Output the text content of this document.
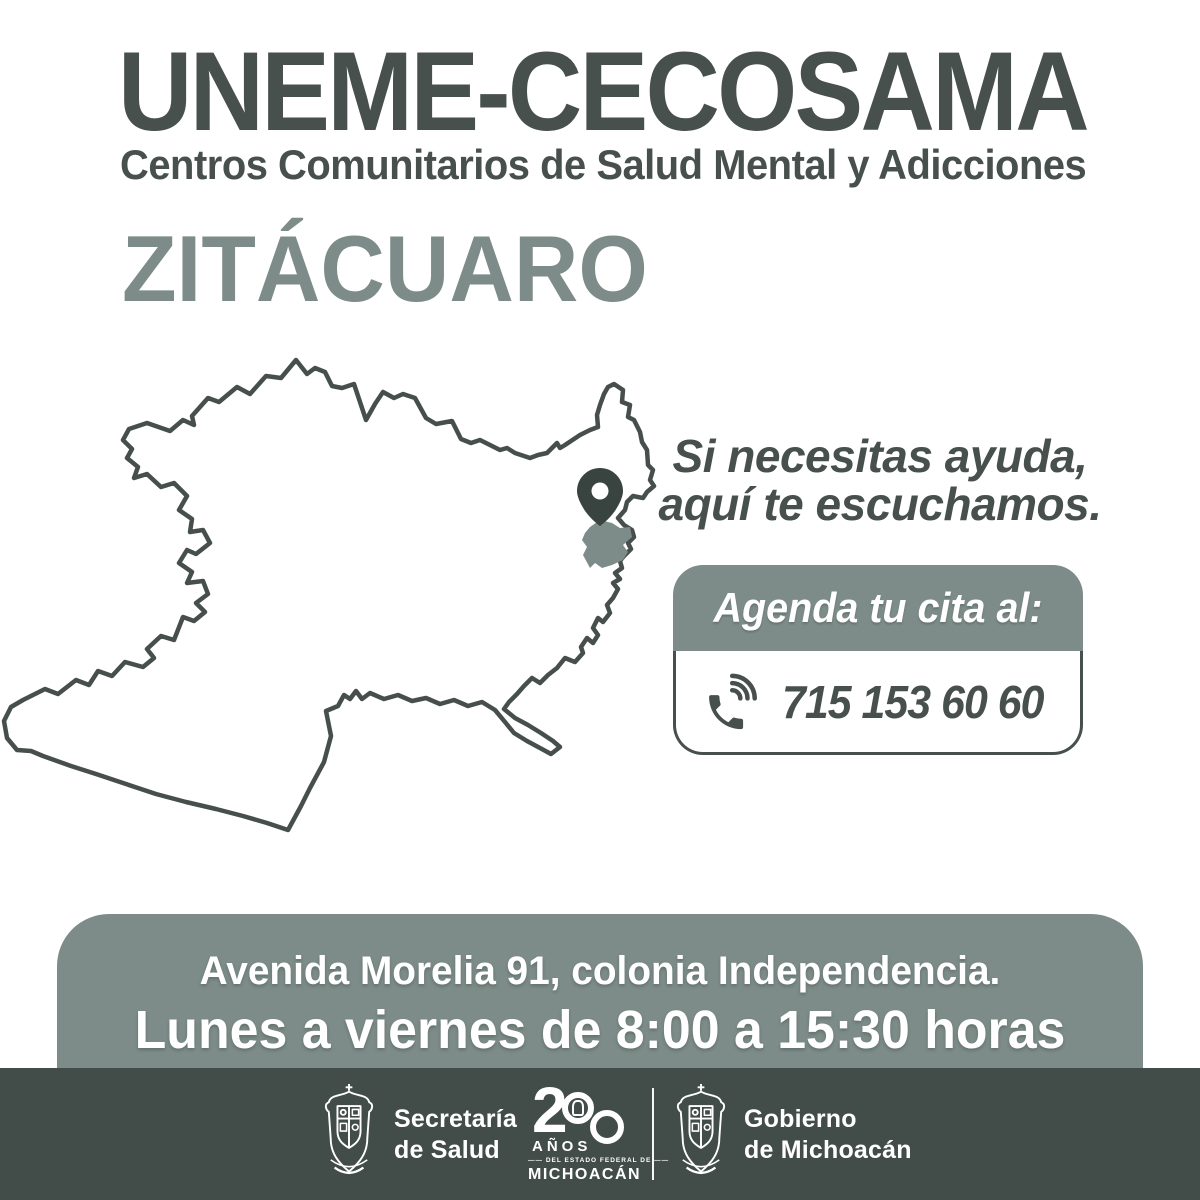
UNEME-CECOSAMA
Centros Comunitarios de Salud Mental y Adicciones
ZITÁCUARO
Si necesitas ayuda,
aquí te escuchamos.
Agenda tu cita al:
715 153 60 60
Avenida Morelia 91, colonia Independencia.
Lunes a viernes de 8:00 a 15:30 horas
Secretaría
de Salud
2
AÑOS
—— DEL ESTADO FEDERAL DE ——
MICHOACÁN
Gobierno
de Michoacán
